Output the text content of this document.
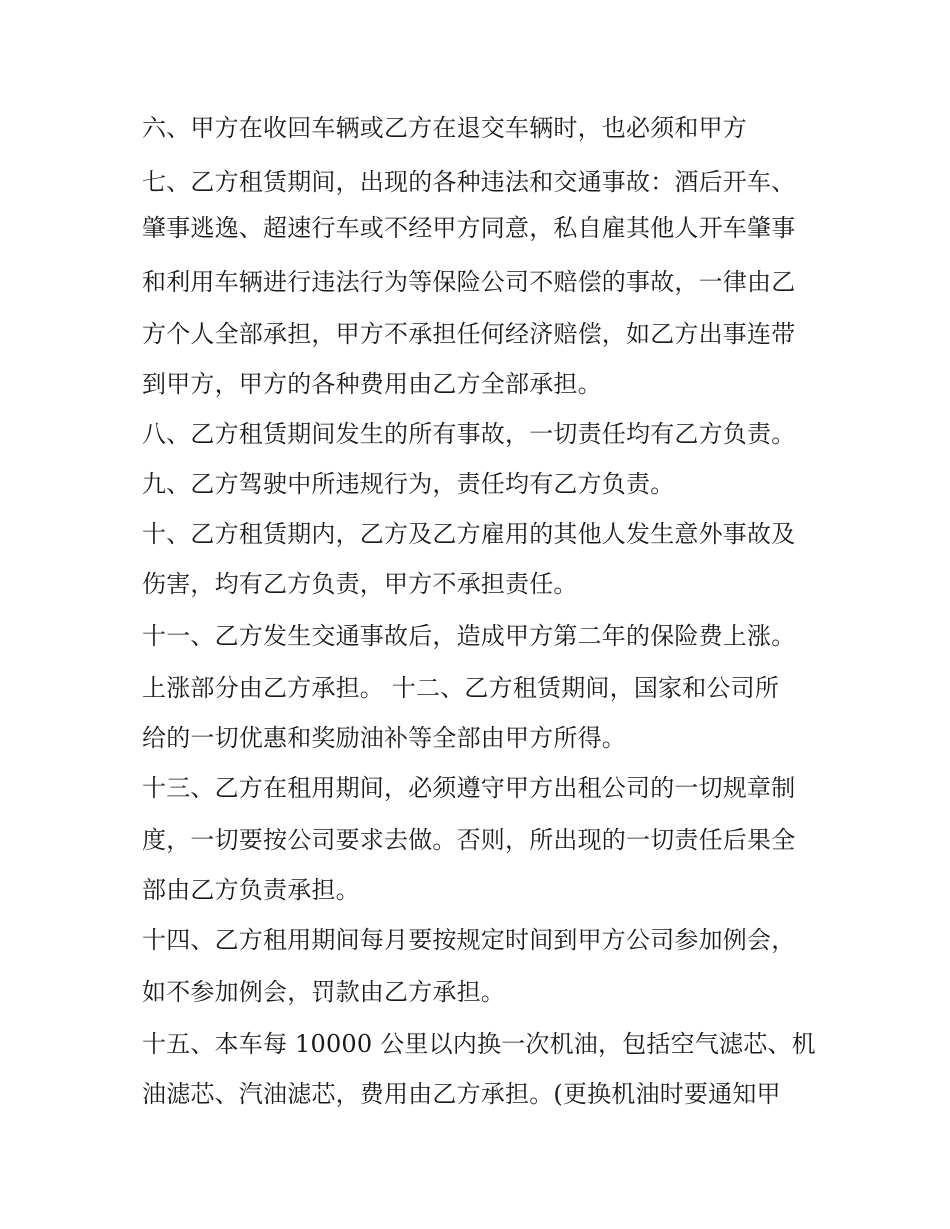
六、甲方在收回车辆或乙方在退交车辆时，也必须和甲方
七、乙方租赁期间，出现的各种违法和交通事故：酒后开车、
肇事逃逸、超速行车或不经甲方同意，私自雇其他人开车肇事
和利用车辆进行违法行为等保险公司不赔偿的事故，一律由乙
方个人全部承担，甲方不承担任何经济赔偿，如乙方出事连带
到甲方，甲方的各种费用由乙方全部承担。
八、乙方租赁期间发生的所有事故，一切责任均有乙方负责。
九、乙方驾驶中所违规行为，责任均有乙方负责。
十、乙方租赁期内，乙方及乙方雇用的其他人发生意外事故及
伤害，均有乙方负责，甲方不承担责任。
十一、乙方发生交通事故后，造成甲方第二年的保险费上涨。
上涨部分由乙方承担。 十二、乙方租赁期间，国家和公司所
给的一切优惠和奖励油补等全部由甲方所得。
十三、乙方在租用期间，必须遵守甲方出租公司的一切规章制
度，一切要按公司要求去做。否则，所出现的一切责任后果全
部由乙方负责承担。
十四、乙方租用期间每月要按规定时间到甲方公司参加例会，
如不参加例会，罚款由乙方承担。
十五、本车每 10000 公里以内换一次机油，包括空气滤芯、机
油滤芯、汽油滤芯，费用由乙方承担。(更换机油时要通知甲
